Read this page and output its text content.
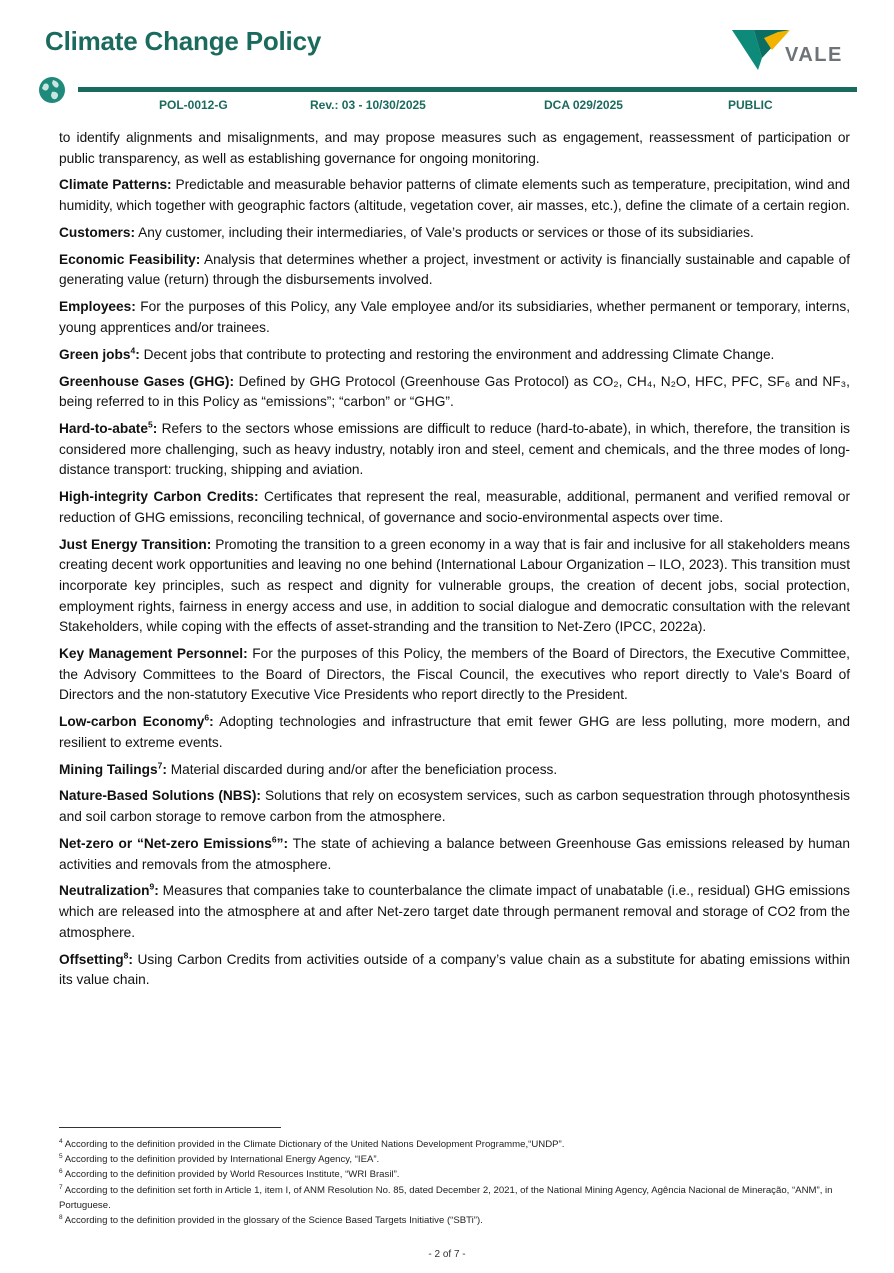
Climate Change Policy	VALE
POL-0012-G	Rev.: 03 - 10/30/2025	DCA 029/2025	PUBLIC

to identify alignments and misalignments, and may propose measures such as engagement, reassessment of participation or public transparency, as well as establishing governance for ongoing monitoring.

Climate Patterns: Predictable and measurable behavior patterns of climate elements such as temperature, precipitation, wind and humidity, which together with geographic factors (altitude, vegetation cover, air masses, etc.), define the climate of a certain region.

Customers: Any customer, including their intermediaries, of Vale’s products or services or those of its subsidiaries.

Economic Feasibility: Analysis that determines whether a project, investment or activity is financially sustainable and capable of generating value (return) through the disbursements involved.

Employees: For the purposes of this Policy, any Vale employee and/or its subsidiaries, whether permanent or temporary, interns, young apprentices and/or trainees.

Green jobs$^4$: Decent jobs that contribute to protecting and restoring the environment and addressing Climate Change.

Greenhouse Gases (GHG): Defined by GHG Protocol (Greenhouse Gas Protocol) as CO₂, CH₄, N₂O, HFC, PFC, SF₆ and NF₃, being referred to in this Policy as “emissions”; “carbon” or “GHG”.

Hard-to-abate$^5$: Refers to the sectors whose emissions are difficult to reduce (hard-to-abate), in which, therefore, the transition is considered more challenging, such as heavy industry, notably iron and steel, cement and chemicals, and the three modes of long-distance transport: trucking, shipping and aviation.

High-integrity Carbon Credits: Certificates that represent the real, measurable, additional, permanent and verified removal or reduction of GHG emissions, reconciling technical, of governance and socio-environmental aspects over time.

Just Energy Transition: Promoting the transition to a green economy in a way that is fair and inclusive for all stakeholders means creating decent work opportunities and leaving no one behind (International Labour Organization – ILO, 2023). This transition must incorporate key principles, such as respect and dignity for vulnerable groups, the creation of decent jobs, social protection, employment rights, fairness in energy access and use, in addition to social dialogue and democratic consultation with the relevant Stakeholders, while coping with the effects of asset-stranding and the transition to Net-Zero (IPCC, 2022a).

Key Management Personnel: For the purposes of this Policy, the members of the Board of Directors, the Executive Committee, the Advisory Committees to the Board of Directors, the Fiscal Council, the executives who report directly to Vale's Board of Directors and the non-statutory Executive Vice Presidents who report directly to the President.

Low-carbon Economy$^6$: Adopting technologies and infrastructure that emit fewer GHG are less polluting, more modern, and resilient to extreme events.

Mining Tailings$^7$: Material discarded during and/or after the beneficiation process.

Nature-Based Solutions (NBS): Solutions that rely on ecosystem services, such as carbon sequestration through photosynthesis and soil carbon storage to remove carbon from the atmosphere.

Net-zero or “Net-zero Emissions$^6$”: The state of achieving a balance between Greenhouse Gas emissions released by human activities and removals from the atmosphere.

Neutralization$^9$: Measures that companies take to counterbalance the climate impact of unabatable (i.e., residual) GHG emissions which are released into the atmosphere at and after Net-zero target date through permanent removal and storage of CO2 from the atmosphere.

Offsetting$^8$: Using Carbon Credits from activities outside of a company’s value chain as a substitute for abating emissions within its value chain.

$^4$ According to the definition provided in the Climate Dictionary of the United Nations Development Programme,“UNDP”.
$^5$ According to the definition provided by International Energy Agency, “IEA”.
$^6$ According to the definition provided by World Resources Institute, “WRI Brasil”.
$^7$ According to the definition set forth in Article 1, item I, of ANM Resolution No. 85, dated December 2, 2021, of the National Mining Agency, Agência Nacional de Mineração, “ANM”, in Portuguese.
$^8$ According to the definition provided in the glossary of the Science Based Targets Initiative (“SBTi”).
- 2 of 7 -
